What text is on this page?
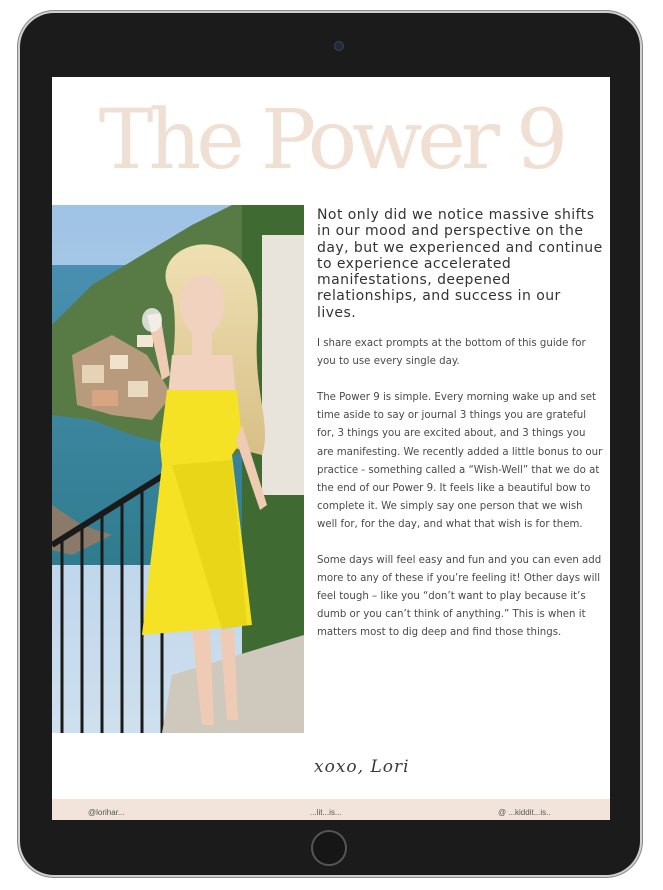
The Power 9

Not only did we notice massive shifts in our mood and perspective on the day, but we experienced and continue to experience accelerated manifestations, deepened relationships, and success in our lives.

I share exact prompts at the bottom of this guide for you to use every single day.

The Power 9 is simple. Every morning wake up and set time aside to say or journal 3 things you are grateful for, 3 things you are excited about, and 3 things you are manifesting. We recently added a little bonus to our practice - something called a “Wish-Well” that we do at the end of our Power 9. It feels like a beautiful bow to complete it. We simply say one person that we wish well for, for the day, and what that wish is for them.

Some days will feel easy and fun and you can even add more to any of these if you’re feeling it! Other days will feel tough – like you “don’t want to play because it’s dumb or you can’t think of anything.” This is when it matters most to dig deep and find those things.

xoxo, Lori
@lorihar...	...lit...is...	@ ...kiddit...is..
